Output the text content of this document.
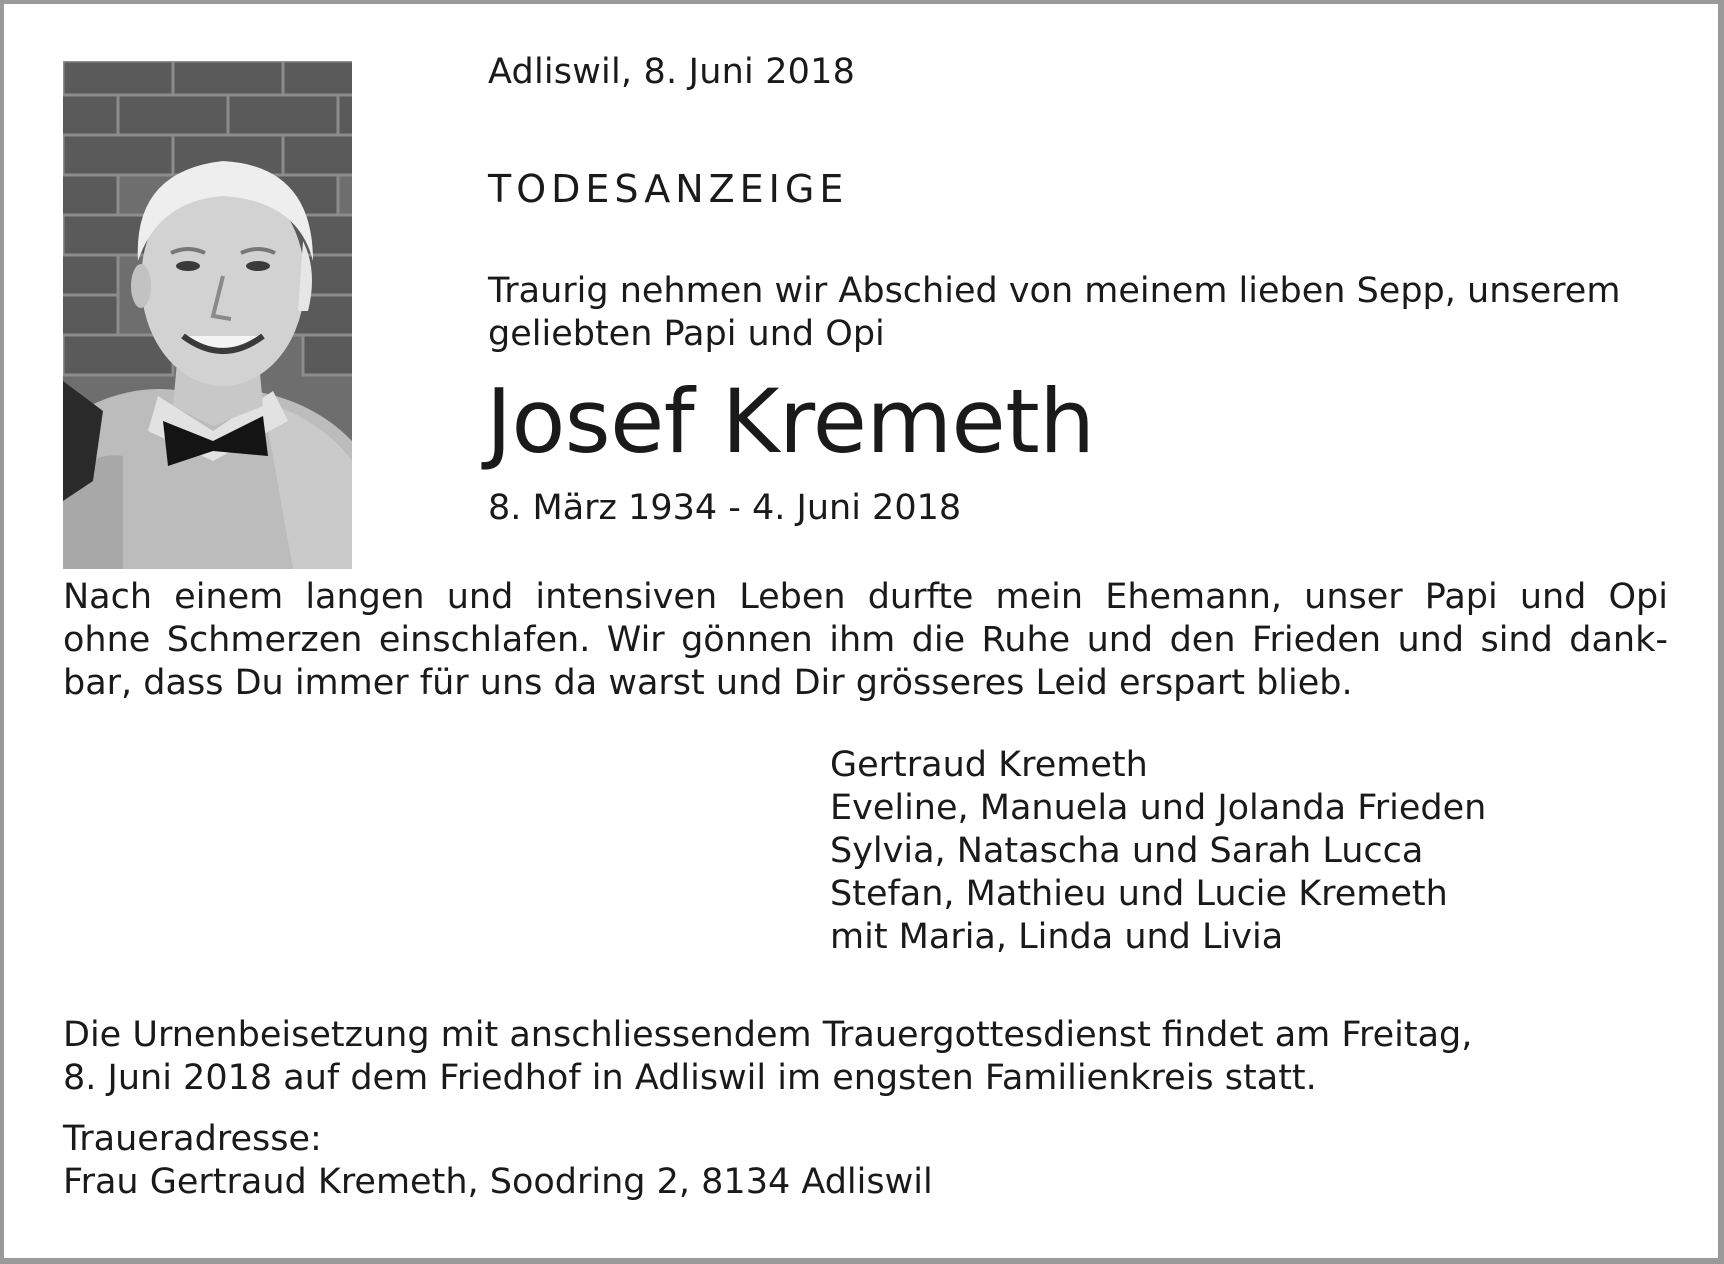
Adliswil, 8. Juni 2018
TODESANZEIGE
Traurig nehmen wir Abschied von meinem lieben Sepp, unserem
geliebten Papi und Opi
Josef Kremeth
8. März 1934 - 4. Juni 2018
Nach einem langen und intensiven Leben durfte mein Ehemann, unser Papi und Opi
ohne Schmerzen einschlafen. Wir gönnen ihm die Ruhe und den Frieden und sind dank-
bar, dass Du immer für uns da warst und Dir grösseres Leid erspart blieb.
Gertraud Kremeth
Eveline, Manuela und Jolanda Frieden
Sylvia, Natascha und Sarah Lucca
Stefan, Mathieu und Lucie Kremeth
mit Maria, Linda und Livia
Die Urnenbeisetzung mit anschliessendem Trauergottesdienst findet am Freitag,
8. Juni 2018 auf dem Friedhof in Adliswil im engsten Familienkreis statt.
Traueradresse:
Frau Gertraud Kremeth, Soodring 2, 8134 Adliswil
